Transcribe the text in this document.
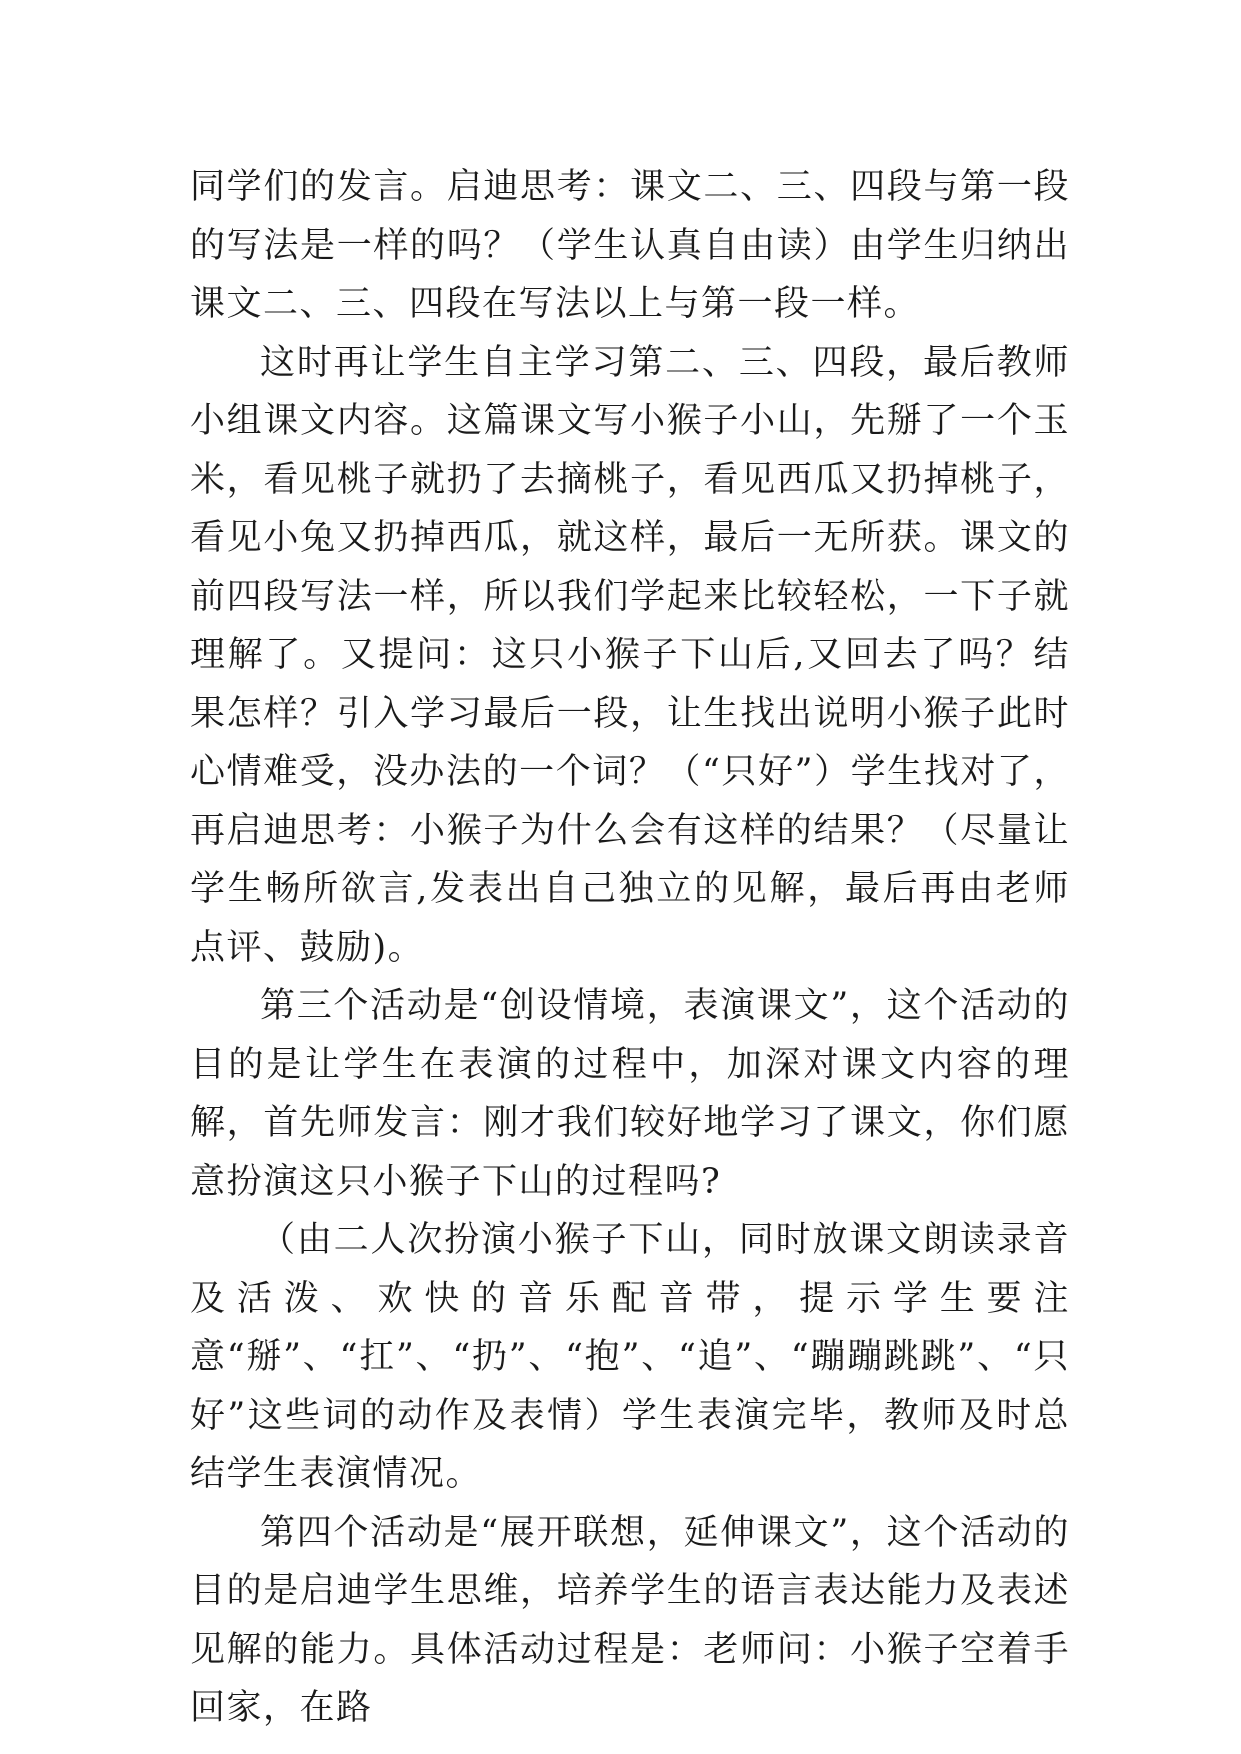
同学们的发言。启迪思考：课文二、三、四段与第一段的写法是一样的吗？（学生认真自由读）由学生归纳出课文二、三、四段在写法以上与第一段一样。

这时再让学生自主学习第二、三、四段，最后教师小组课文内容。这篇课文写小猴子小山，先掰了一个玉米，看见桃子就扔了去摘桃子，看见西瓜又扔掉桃子，看见小兔又扔掉西瓜，就这样，最后一无所获。课文的前四段写法一样，所以我们学起来比较轻松，一下子就理解了。又提问：这只小猴子下山后,又回去了吗？结果怎样？引入学习最后一段，让生找出说明小猴子此时心情难受，没办法的一个词？（“只好”）学生找对了，再启迪思考：小猴子为什么会有这样的结果？（尽量让学生畅所欲言,发表出自己独立的见解，最后再由老师点评、鼓励)。

第三个活动是“创设情境，表演课文”，这个活动的目的是让学生在表演的过程中，加深对课文内容的理解，首先师发言：刚才我们较好地学习了课文，你们愿意扮演这只小猴子下山的过程吗?

（由二人次扮演小猴子下山，同时放课文朗读录音及活泼、欢快的音乐配音带，提示学生要注意“掰”、“扛”、“扔”、“抱”、“追”、“蹦蹦跳跳”、“只好”这些词的动作及表情）学生表演完毕，教师及时总结学生表演情况。

第四个活动是“展开联想，延伸课文”，这个活动的目的是启迪学生思维，培养学生的语言表达能力及表述见解的能力。具体活动过程是：老师问：小猴子空着手回家，在路
